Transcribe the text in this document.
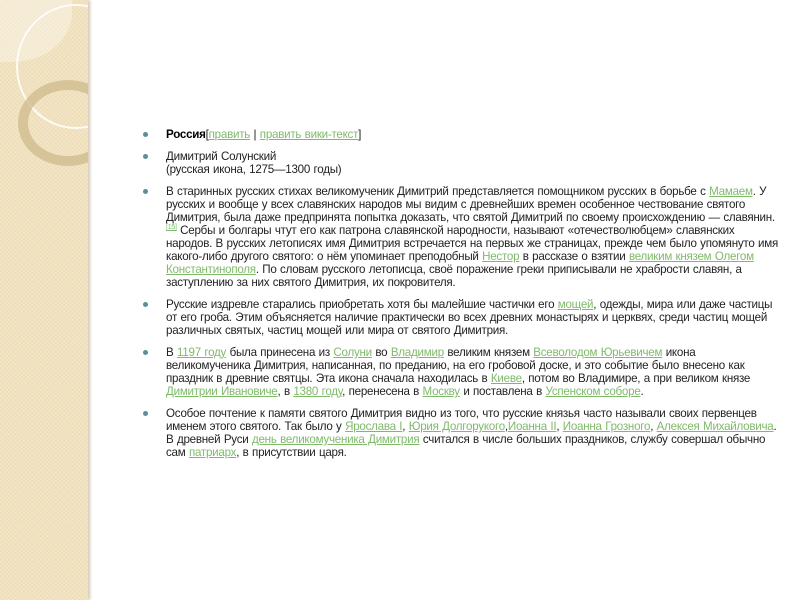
Россия[править | править вики-текст]
Димитрий Солунский
(русская икона, 1275—1300 годы)
В старинных русских стихах великомученик Димитрий представляется помощником русских в борьбе с Мамаем. У русских и вообще у всех славянских народов мы видим с древнейших времен особенное чествование святого Димитрия, была даже предпринята попытка доказать, что святой Димитрий по своему происхождению — славянин.[15] Сербы и болгары чтут его как патрона славянской народности, называют «отечестволюбцем» славянских народов. В русских летописях имя Димитрия встречается на первых же страницах, прежде чем было упомянуто имя какого-либо другого святого: о нём упоминает преподобный Нестор в рассказе о взятии великим князем Олегом Константинополя. По словам русского летописца, своё поражение греки приписывали не храбрости славян, а заступлению за них святого Димитрия, их покровителя.
Русские издревле старались приобретать хотя бы малейшие частички его мощей, одежды, мира или даже частицы от его гроба. Этим объясняется наличие практически во всех древних монастырях и церквях, среди частиц мощей различных святых, частиц мощей или мира от святого Димитрия.
В 1197 году была принесена из Солуни во Владимир великим князем Всеволодом Юрьевичем икона великомученика Димитрия, написанная, по преданию, на его гробовой доске, и это событие было внесено как праздник в древние святцы. Эта икона сначала находилась в Киеве, потом во Владимире, а при великом князе Димитрии Ивановиче, в 1380 году, перенесена в Москву и поставлена в Успенском соборе.
Особое почтение к памяти святого Димитрия видно из того, что русские князья часто называли своих первенцев именем этого святого. Так было у Ярослава I, Юрия Долгорукого,Иоанна II, Иоанна Грозного, Алексея Михайловича. В древней Руси день великомученика Димитрия считался в числе больших праздников, службу совершал обычно сам патриарх, в присутствии царя.
